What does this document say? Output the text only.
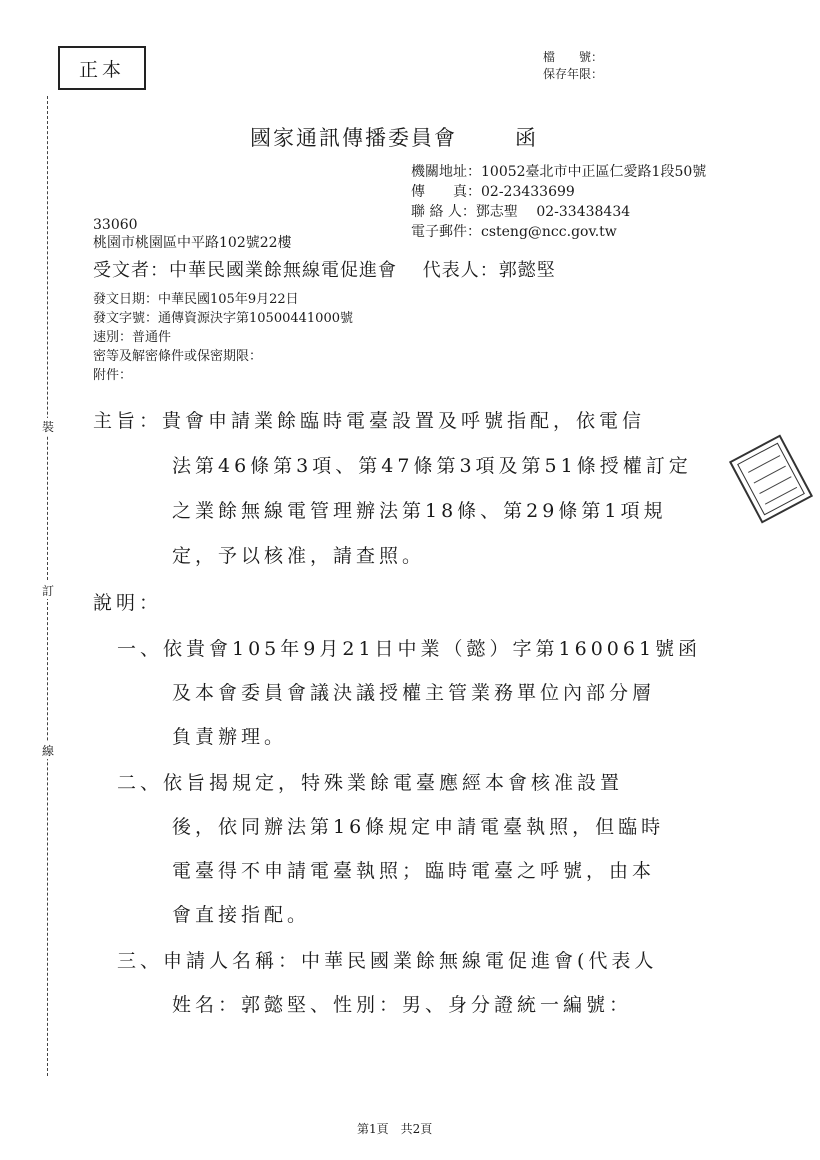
正本
檔　　號：
保存年限：
裝
訂
線
國家通訊傳播委員會	函
機關地址：10052臺北市中正區仁愛路1段50號
傳　　真：02-23433699
聯 絡 人：鄧志聖　 02-33438434
電子郵件：csteng@ncc.gov.tw
33060
桃園市桃園區中平路102號22樓
受文者：中華民國業餘無線電促進會　 代表人：郭懿堅
發文日期：中華民國105年9月22日
發文字號：通傳資源決字第10500441000號
速別：普通件
密等及解密條件或保密期限：
附件：
主旨：貴會申請業餘臨時電臺設置及呼號指配，依電信
法第46條第3項、第47條第3項及第51條授權訂定
之業餘無線電管理辦法第18條、第29條第1項規
定，予以核准，請查照。
說明：
一、依貴會105年9月21日中業（懿）字第160061號函
及本會委員會議決議授權主管業務單位內部分層
負責辦理。
二、依旨揭規定，特殊業餘電臺應經本會核准設置
後，依同辦法第16條規定申請電臺執照，但臨時
電臺得不申請電臺執照；臨時電臺之呼號，由本
會直接指配。
三、申請人名稱：中華民國業餘無線電促進會(代表人
姓名：郭懿堅、性別：男、身分證統一編號：
第1頁　共2頁
